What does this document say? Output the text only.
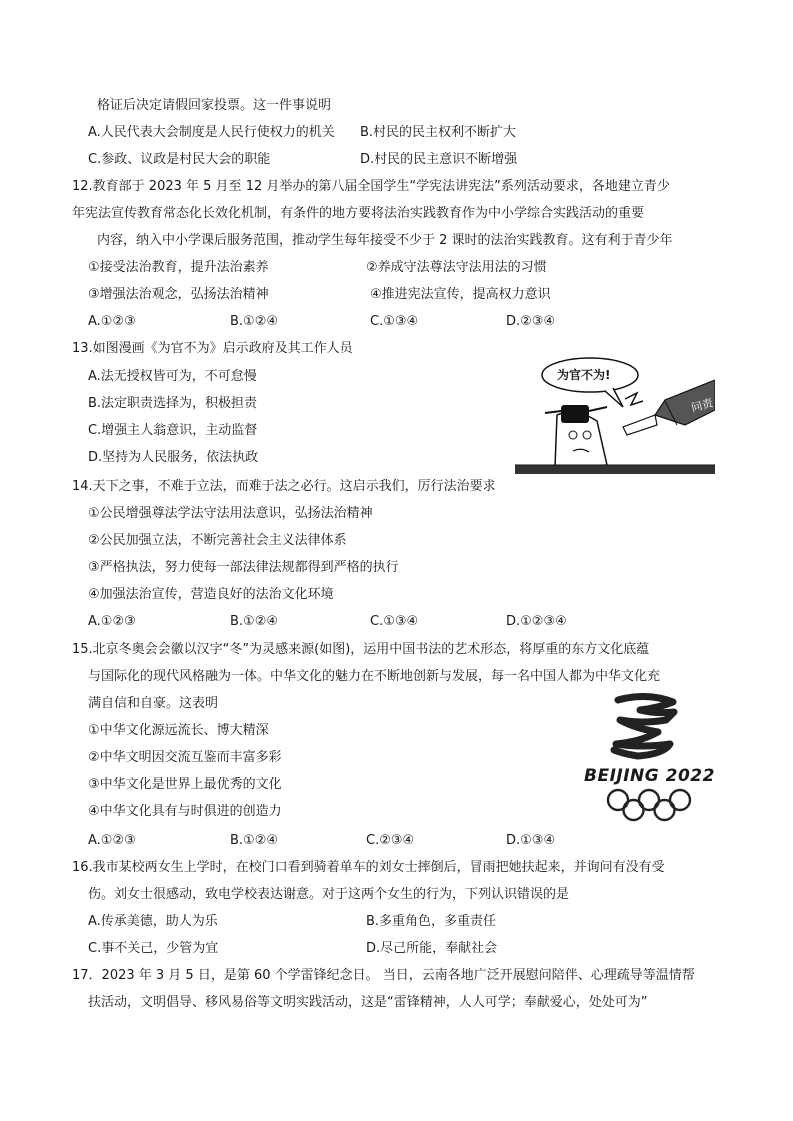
格证后决定请假回家投票。这一件事说明
A.人民代表大会制度是人民行使权力的机关 B.村民的民主权利不断扩大
C.参政、议政是村民大会的职能	D.村民的民主意识不断增强
12.教育部于 2023 年 5 月至 12 月举办的第八届全国学生“学宪法讲宪法”系列活动要求，各地建立青少
年宪法宣传教育常态化长效化机制，有条件的地方要将法治实践教育作为中小学综合实践活动的重要
内容，纳入中小学课后服务范围，推动学生每年接受不少于 2 课时的法治实践教育。这有利于青少年
①接受法治教育，提升法治素养	②养成守法尊法守法用法的习惯
③增强法治观念，弘扬法治精神	④推进宪法宣传，提高权力意识
A.①②③	B.①②④	C.①③④	D.②③④
13.如图漫画《为官不为》启示政府及其工作人员
A.法无授权皆可为，不可怠慢
B.法定职责选择为，积极担责
C.增强主人翁意识，主动监督
D.坚持为人民服务，依法执政
为官不为!
问责
14.天下之事，不难于立法，而难于法之必行。这启示我们，厉行法治要求
①公民增强尊法学法守法用法意识，弘扬法治精神
②公民加强立法，不断完善社会主义法律体系
③严格执法，努力使每一部法律法规都得到严格的执行
④加强法治宣传，营造良好的法治文化环境
A.①②③	B.①②④	C.①③④	D.①②③④
15.北京冬奥会会徽以汉字“冬”为灵感来源(如图)，运用中国书法的艺术形态，将厚重的东方文化底蕴
与国际化的现代风格融为一体。中华文化的魅力在不断地创新与发展，每一名中国人都为中华文化充
满自信和自豪。这表明
①中华文化源远流长、博大精深
②中华文明因交流互鉴而丰富多彩
③中华文化是世界上最优秀的文化
④中华文化具有与时俱进的创造力
A.①②③	B.①②④	C.②③④	D.①③④
BEIJING 2022
16.我市某校两女生上学时，在校门口看到骑着单车的刘女士摔倒后，冒雨把她扶起来，并询问有没有受
伤。刘女士很感动，致电学校表达谢意。对于这两个女生的行为，下列认识错误的是
A.传承美德，助人为乐	B.多重角色，多重责任
C.事不关己，少管为宜	D.尽己所能，奉献社会
17．2023 年 3 月 5 日，是第 60 个学雷锋纪念日。 当日，云南各地广泛开展慰问陪伴、心理疏导等温情帮
扶活动，文明倡导、移风易俗等文明实践活动，这是“雷锋精神，人人可学；奉献爱心，处处可为”
